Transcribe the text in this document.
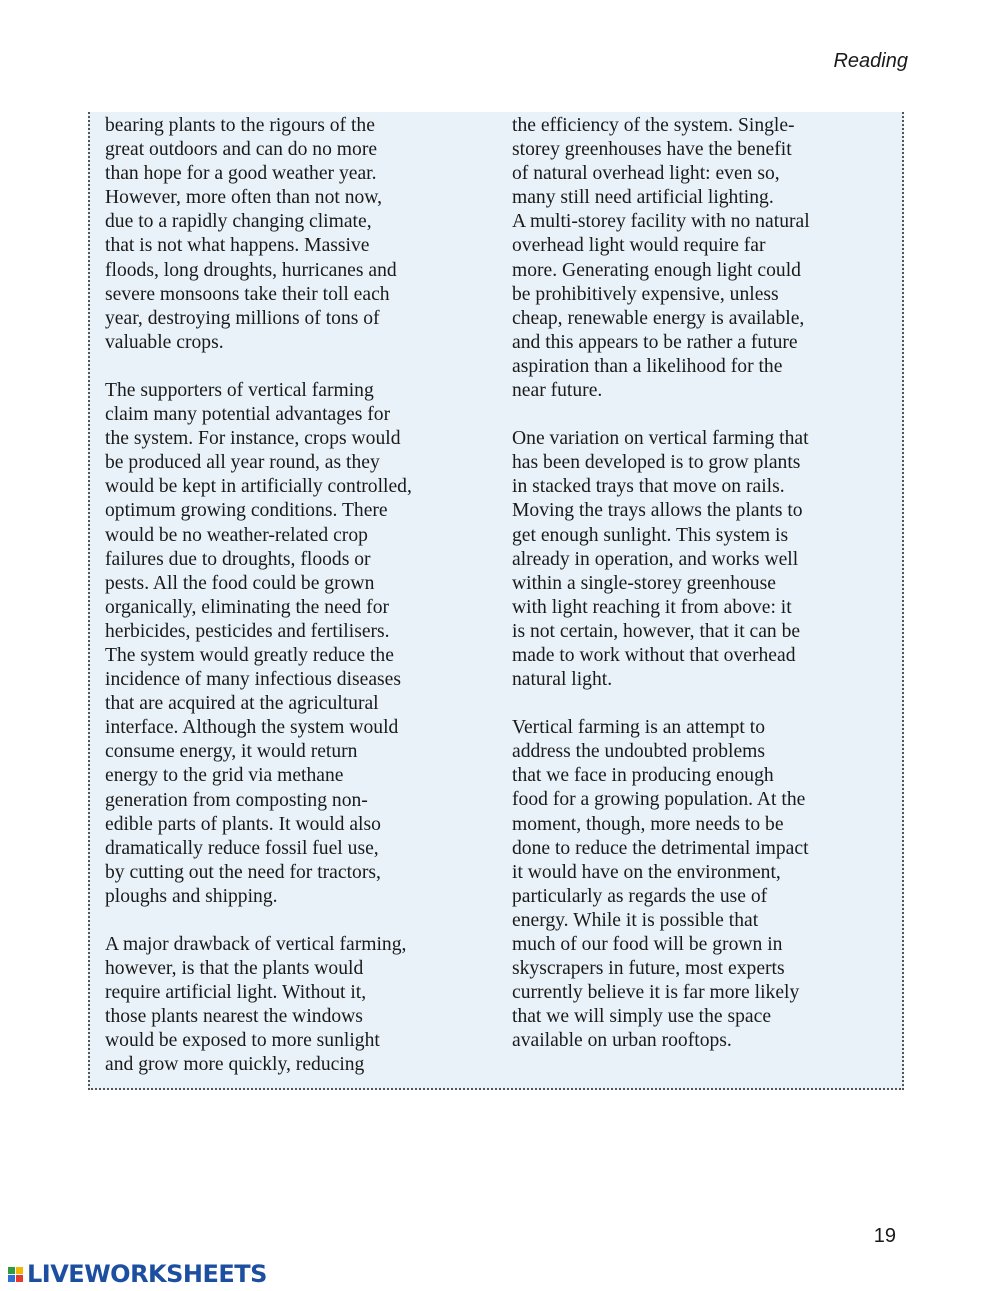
Reading

bearing plants to the rigours of the
great outdoors and can do no more
than hope for a good weather year.
However, more often than not now,
due to a rapidly changing climate,
that is not what happens. Massive
floods, long droughts, hurricanes and
severe monsoons take their toll each
year, destroying millions of tons of
valuable crops.

The supporters of vertical farming
claim many potential advantages for
the system. For instance, crops would
be produced all year round, as they
would be kept in artificially controlled,
optimum growing conditions. There
would be no weather-related crop
failures due to droughts, floods or
pests. All the food could be grown
organically, eliminating the need for
herbicides, pesticides and fertilisers.
The system would greatly reduce the
incidence of many infectious diseases
that are acquired at the agricultural
interface. Although the system would
consume energy, it would return
energy to the grid via methane
generation from composting non-
edible parts of plants. It would also
dramatically reduce fossil fuel use,
by cutting out the need for tractors,
ploughs and shipping.

A major drawback of vertical farming,
however, is that the plants would
require artificial light. Without it,
those plants nearest the windows
would be exposed to more sunlight
and grow more quickly, reducing

the efficiency of the system. Single-
storey greenhouses have the benefit
of natural overhead light: even so,
many still need artificial lighting.
A multi-storey facility with no natural
overhead light would require far
more. Generating enough light could
be prohibitively expensive, unless
cheap, renewable energy is available,
and this appears to be rather a future
aspiration than a likelihood for the
near future.

One variation on vertical farming that
has been developed is to grow plants
in stacked trays that move on rails.
Moving the trays allows the plants to
get enough sunlight. This system is
already in operation, and works well
within a single-storey greenhouse
with light reaching it from above: it
is not certain, however, that it can be
made to work without that overhead
natural light.

Vertical farming is an attempt to
address the undoubted problems
that we face in producing enough
food for a growing population. At the
moment, though, more needs to be
done to reduce the detrimental impact
it would have on the environment,
particularly as regards the use of
energy. While it is possible that
much of our food will be grown in
skyscrapers in future, most experts
currently believe it is far more likely
that we will simply use the space
available on urban rooftops.

19
LIVEWORKSHEETS
